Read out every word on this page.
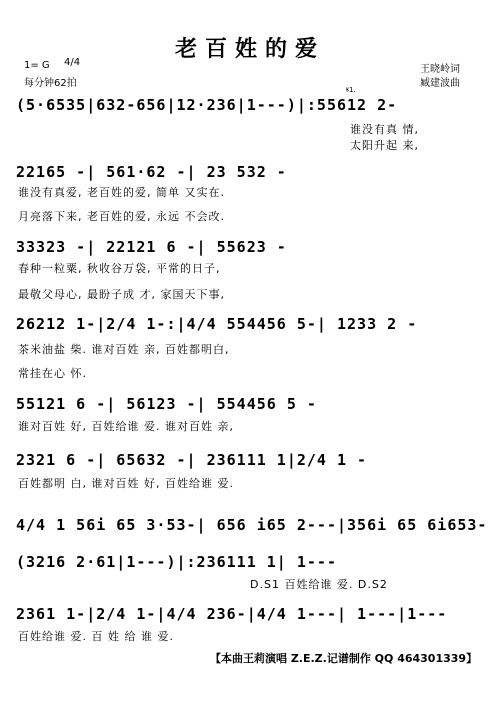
老百姓的爱
1= G 4/4
每分钟62拍
王晓岭词
臧建波曲
𝄋1.
(5·6535|632-656|12·236|1---)|:55612 2-
谁没有真 情,
太阳升起 来,
22165 -| 561·62 -| 23 532 -
谁没有真爱, 老百姓的爱, 简单 又实在.
月亮落下来, 老百姓的爱, 永远 不会改.
33323 -| 22121 6 -| 55623 -
春种一粒粟, 秋收谷万袋, 平常的日子,
最敬父母心, 最盼子成 才, 家国天下事,
26212 1-|2/4 1-:|4/4 554456 5-| 1233 2 -
茶米油盐 柴. 谁对百姓 亲, 百姓都明白,
常挂在心 怀.
55121 6 -| 56123 -| 554456 5 -
谁对百姓 好, 百姓给谁 爱. 谁对百姓 亲,
2321 6 -| 65632 -| 236111 1|2/4 1 -
百姓都明 白, 谁对百姓 好, 百姓给谁 爱.
4/4 1 56i 65 3·53-| 656 i65 2---|356i 65 6i653-
(3216 2·61|1---)|:236111 1| 1---
D.S1 百姓给谁 爱. D.S2
2361 1-|2/4 1-|4/4 236-|4/4 1---| 1---|1---
百姓给谁 爱. 百 姓 给 谁 爱.
【本曲王莉演唱 Z.E.Z.记谱制作 QQ 464301339】
